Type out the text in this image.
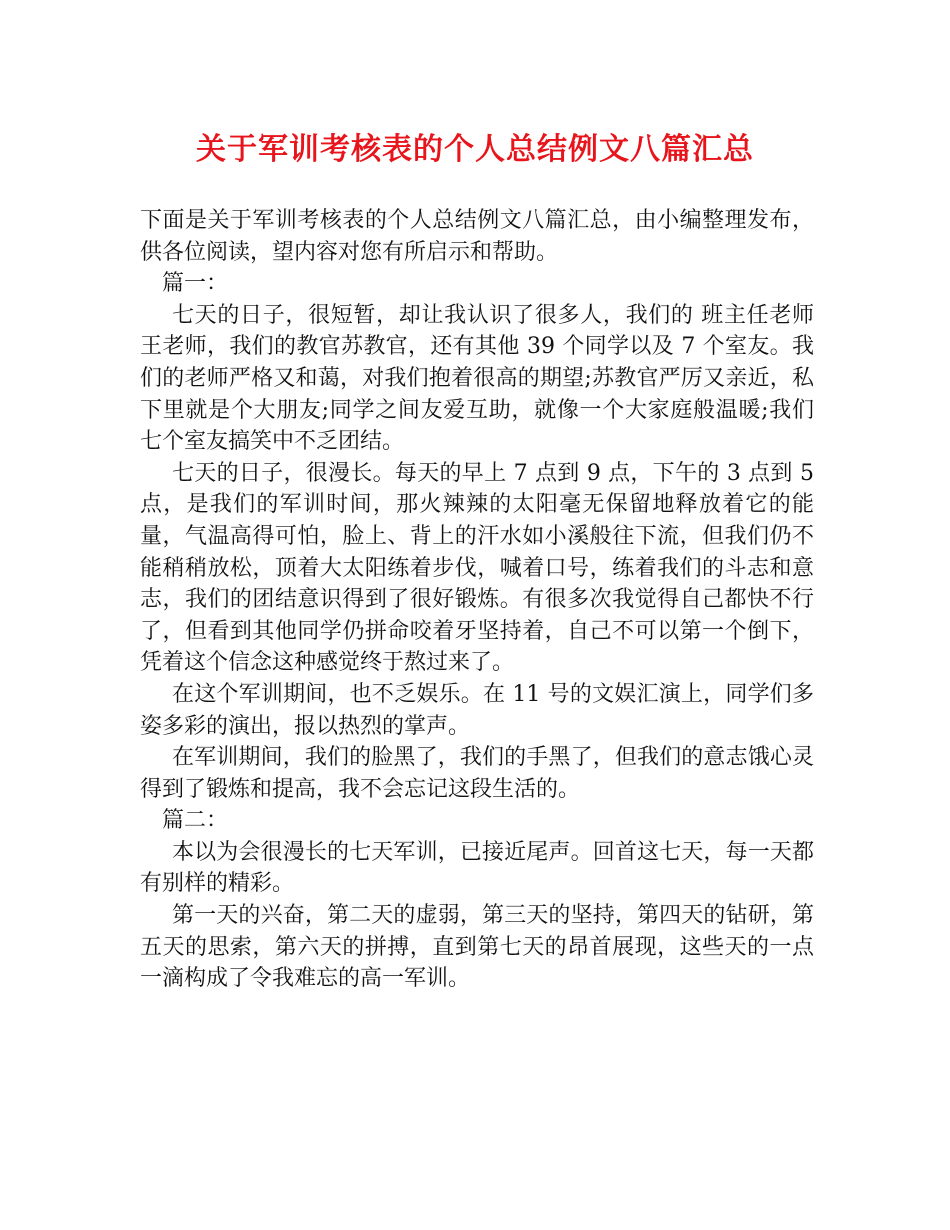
关于军训考核表的个人总结例文八篇汇总

下面是关于军训考核表的个人总结例文八篇汇总，由小编整理发布，供各位阅读，望内容对您有所启示和帮助。

篇一：

七天的日子，很短暂，却让我认识了很多人，我们的 班主任老师王老师，我们的教官苏教官，还有其他 39 个同学以及 7 个室友。我们的老师严格又和蔼，对我们抱着很高的期望;苏教官严厉又亲近，私下里就是个大朋友;同学之间友爱互助，就像一个大家庭般温暖;我们七个室友搞笑中不乏团结。

七天的日子，很漫长。每天的早上 7 点到 9 点，下午的 3 点到 5 点，是我们的军训时间，那火辣辣的太阳毫无保留地释放着它的能量，气温高得可怕，脸上、背上的汗水如小溪般往下流，但我们仍不能稍稍放松，顶着大太阳练着步伐，喊着口号，练着我们的斗志和意志，我们的团结意识得到了很好锻炼。有很多次我觉得自己都快不行了，但看到其他同学仍拼命咬着牙坚持着，自己不可以第一个倒下，凭着这个信念这种感觉终于熬过来了。

在这个军训期间，也不乏娱乐。在 11 号的文娱汇演上，同学们多姿多彩的演出，报以热烈的掌声。

在军训期间，我们的脸黑了，我们的手黑了，但我们的意志饿心灵得到了锻炼和提高，我不会忘记这段生活的。

篇二：

本以为会很漫长的七天军训，已接近尾声。回首这七天，每一天都有别样的精彩。

第一天的兴奋，第二天的虚弱，第三天的坚持，第四天的钻研，第五天的思索，第六天的拼搏，直到第七天的昂首展现，这些天的一点一滴构成了令我难忘的高一军训。
